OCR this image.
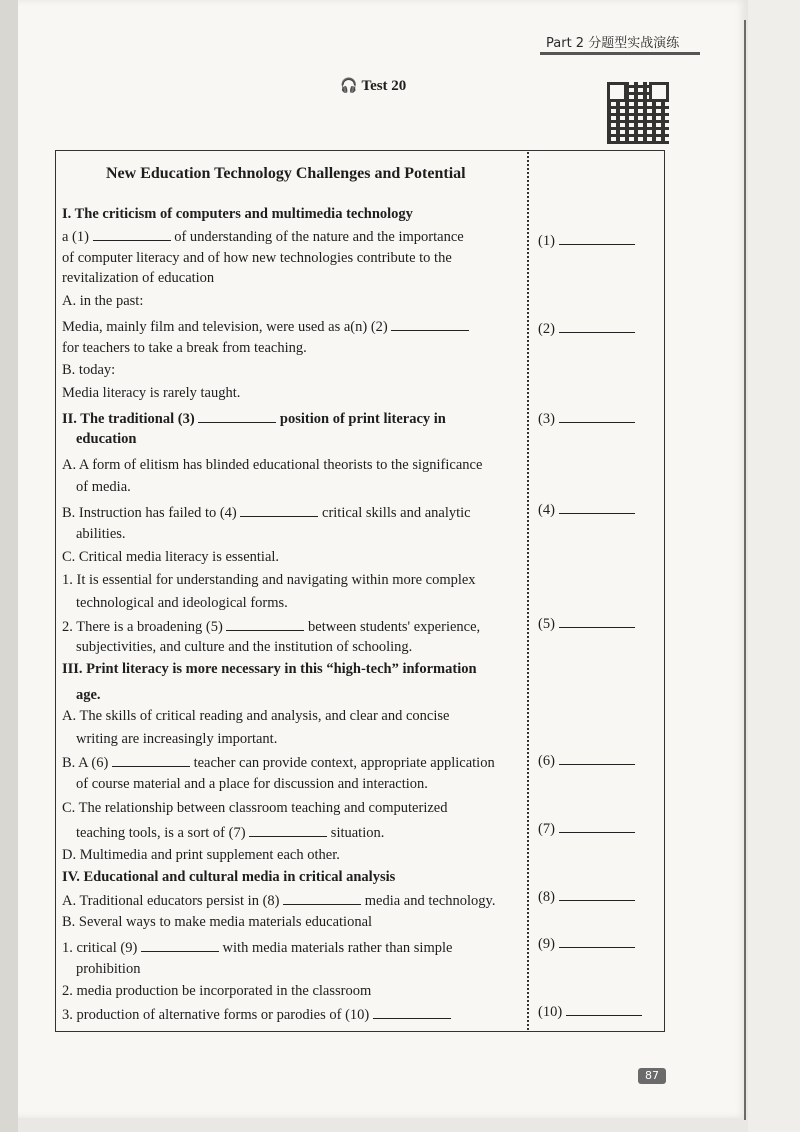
Part 2 分题型实战演练
🎧 Test 20
New Education Technology Challenges and Potential
I. The criticism of computers and multimedia technology
a (1)	of understanding of the nature and the importance
of computer literacy and of how new technologies contribute to the
revitalization of education
A. in the past:
Media, mainly film and television, were used as a(n) (2)
for teachers to take a break from teaching.
B. today:
Media literacy is rarely taught.
II. The traditional (3)	position of print literacy in
education
A. A form of elitism has blinded educational theorists to the significance
of media.
B. Instruction has failed to (4)	critical skills and analytic
abilities.
C. Critical media literacy is essential.
1. It is essential for understanding and navigating within more complex
technological and ideological forms.
2. There is a broadening (5)	between students' experience,
subjectivities, and culture and the institution of schooling.
III. Print literacy is more necessary in this “high-tech” information
age.
A. The skills of critical reading and analysis, and clear and concise
writing are increasingly important.
B. A (6)	teacher can provide context, appropriate application
of course material and a place for discussion and interaction.
C. The relationship between classroom teaching and computerized
teaching tools, is a sort of (7)	situation.
D. Multimedia and print supplement each other.
IV. Educational and cultural media in critical analysis
A. Traditional educators persist in (8)	media and technology.
B. Several ways to make media materials educational
1. critical (9)	with media materials rather than simple
prohibition
2. media production be incorporated in the classroom
3. production of alternative forms or parodies of (10)
(1)
(2)
(3)
(4)
(5)
(6)
(7)
(8)
(9)
(10)
87
